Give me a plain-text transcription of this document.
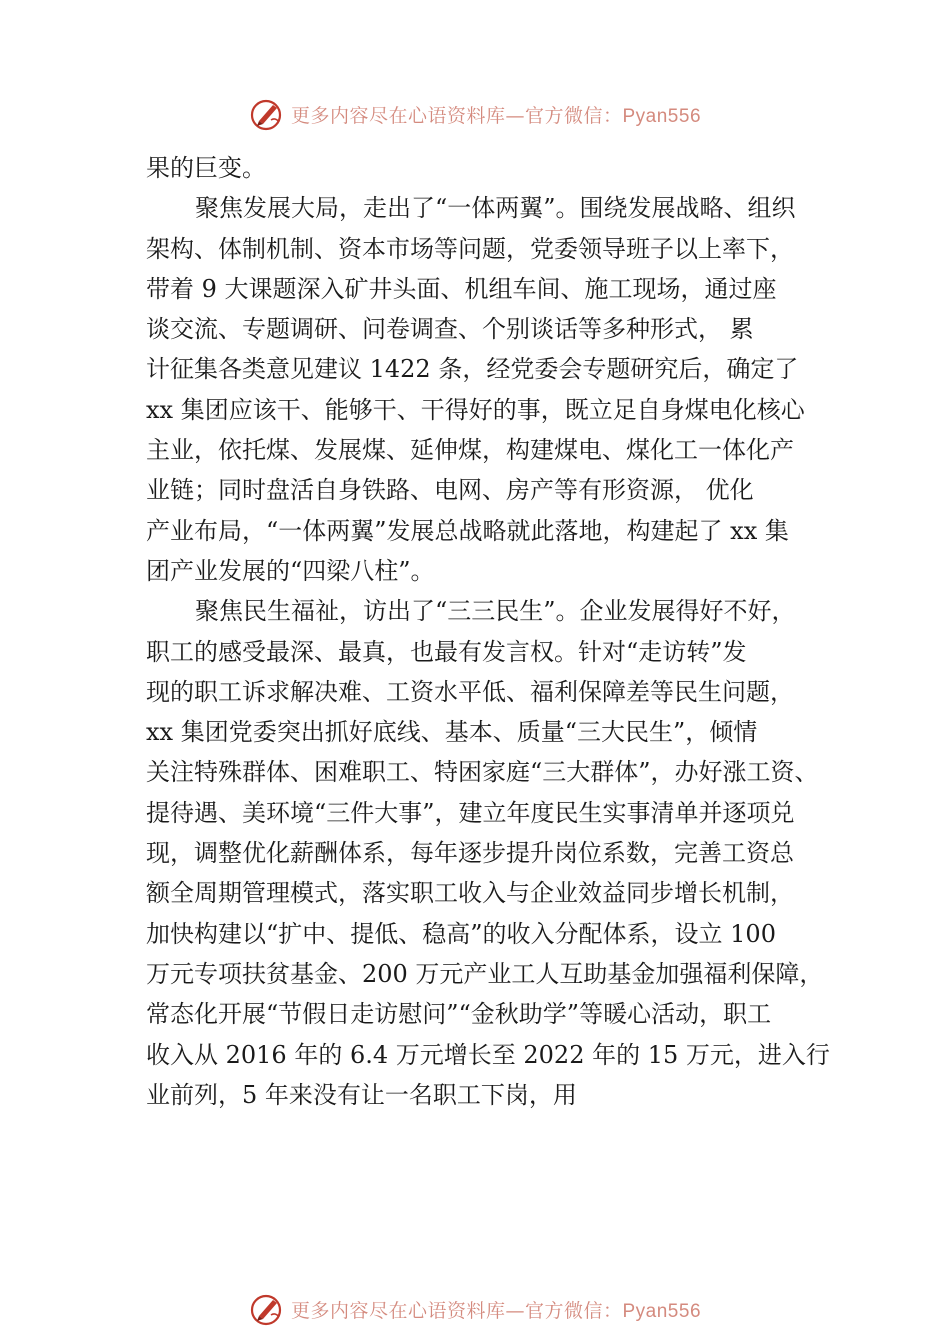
更多内容尽在心语资料库—官方微信：Pyan556
果的巨变。
聚焦发展大局，走出了“一体两翼”。围绕发展战略、组织
架构、体制机制、资本市场等问题，党委领导班子以上率下，
带着 9 大课题深入矿井头面、机组车间、施工现场，通过座
谈交流、专题调研、问卷调查、个别谈话等多种形式， 累
计征集各类意见建议 1422 条，经党委会专题研究后，确定了
xx 集团应该干、能够干、干得好的事，既立足自身煤电化核心
主业，依托煤、发展煤、延伸煤，构建煤电、煤化工一体化产
业链；同时盘活自身铁路、电网、房产等有形资源， 优化
产业布局，“一体两翼”发展总战略就此落地，构建起了 xx 集
团产业发展的“四梁八柱”。
聚焦民生福祉，访出了“三三民生”。企业发展得好不好，
职工的感受最深、最真，也最有发言权。针对“走访转”发
现的职工诉求解决难、工资水平低、福利保障差等民生问题，
xx 集团党委突出抓好底线、基本、质量“三大民生”，倾情
关注特殊群体、困难职工、特困家庭“三大群体”，办好涨工资、
提待遇、美环境“三件大事”，建立年度民生实事清单并逐项兑
现，调整优化薪酬体系，每年逐步提升岗位系数，完善工资总
额全周期管理模式，落实职工收入与企业效益同步增长机制，
加快构建以“扩中、提低、稳高”的收入分配体系，设立 100
万元专项扶贫基金、200 万元产业工人互助基金加强福利保障，
常态化开展“节假日走访慰问”“金秋助学”等暖心活动，职工
收入从 2016 年的 6.4 万元增长至 2022 年的 15 万元，进入行
业前列，5 年来没有让一名职工下岗，用
更多内容尽在心语资料库—官方微信：Pyan556
